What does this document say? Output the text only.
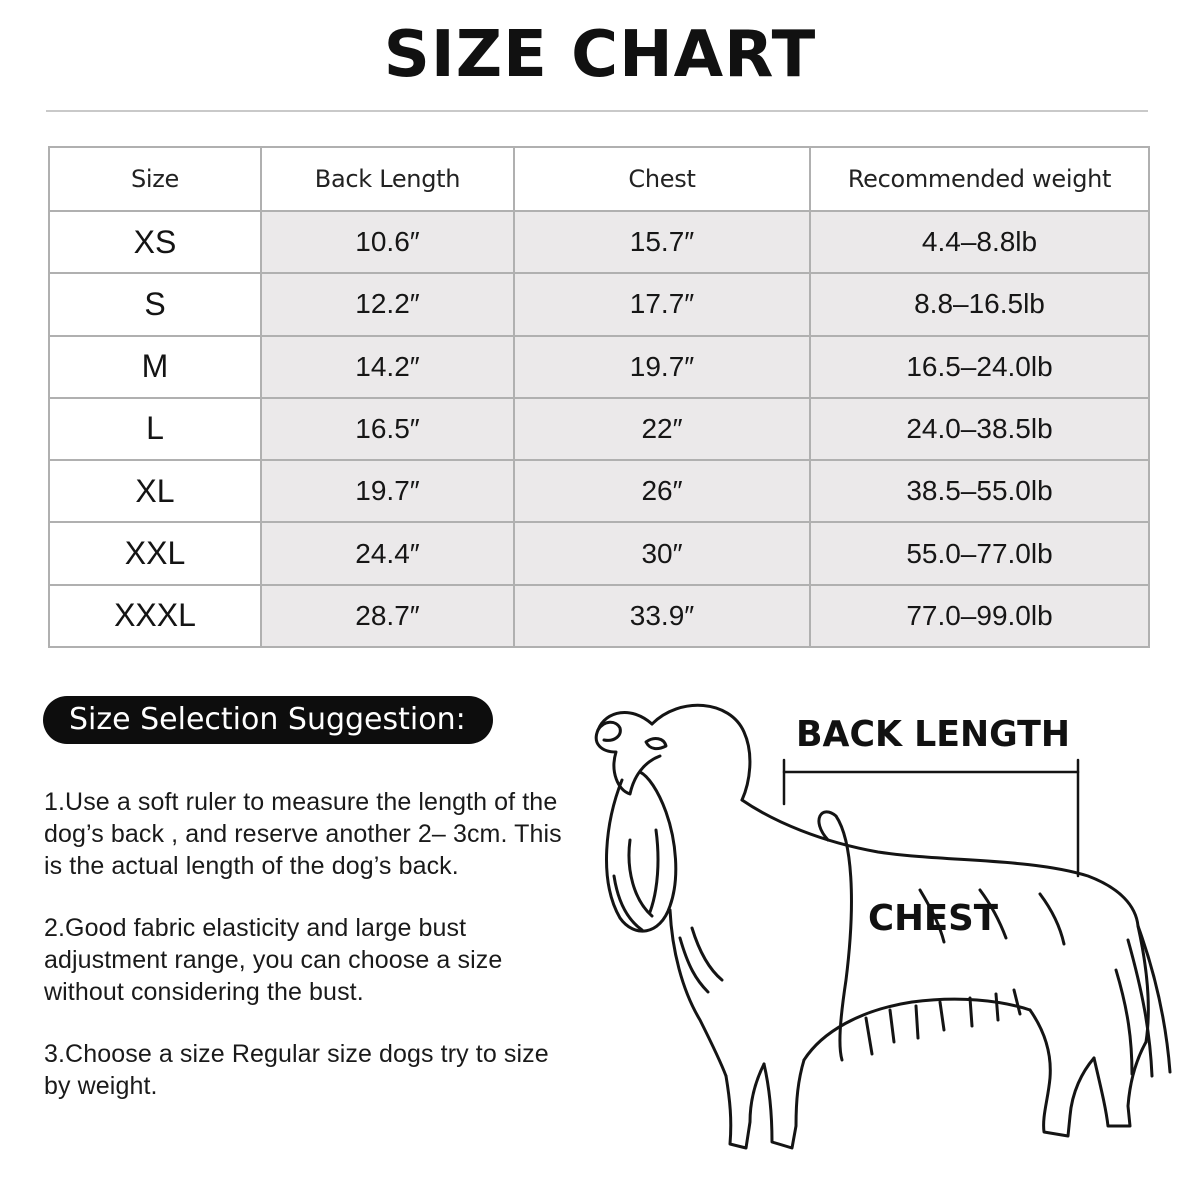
SIZE CHART
Size	Back Length	Chest	Recommended weight
XS	10.6″	15.7″	4.4–8.8lb
S	12.2″	17.7″	8.8–16.5lb
M	14.2″	19.7″	16.5–24.0lb
L	16.5″	22″	24.0–38.5lb
XL	19.7″	26″	38.5–55.0lb
XXL	24.4″	30″	55.0–77.0lb
XXXL	28.7″	33.9″	77.0–99.0lb
Size Selection Suggestion:
1.Use a soft ruler to measure the length of the dog’s back , and reserve another 2– 3cm. This is the actual length of the dog’s back.
2.Good fabric elasticity and large bust adjustment range, you can choose a size without considering the bust.
3.Choose a size Regular size dogs try to size by weight.
BACK LENGTH
CHEST
